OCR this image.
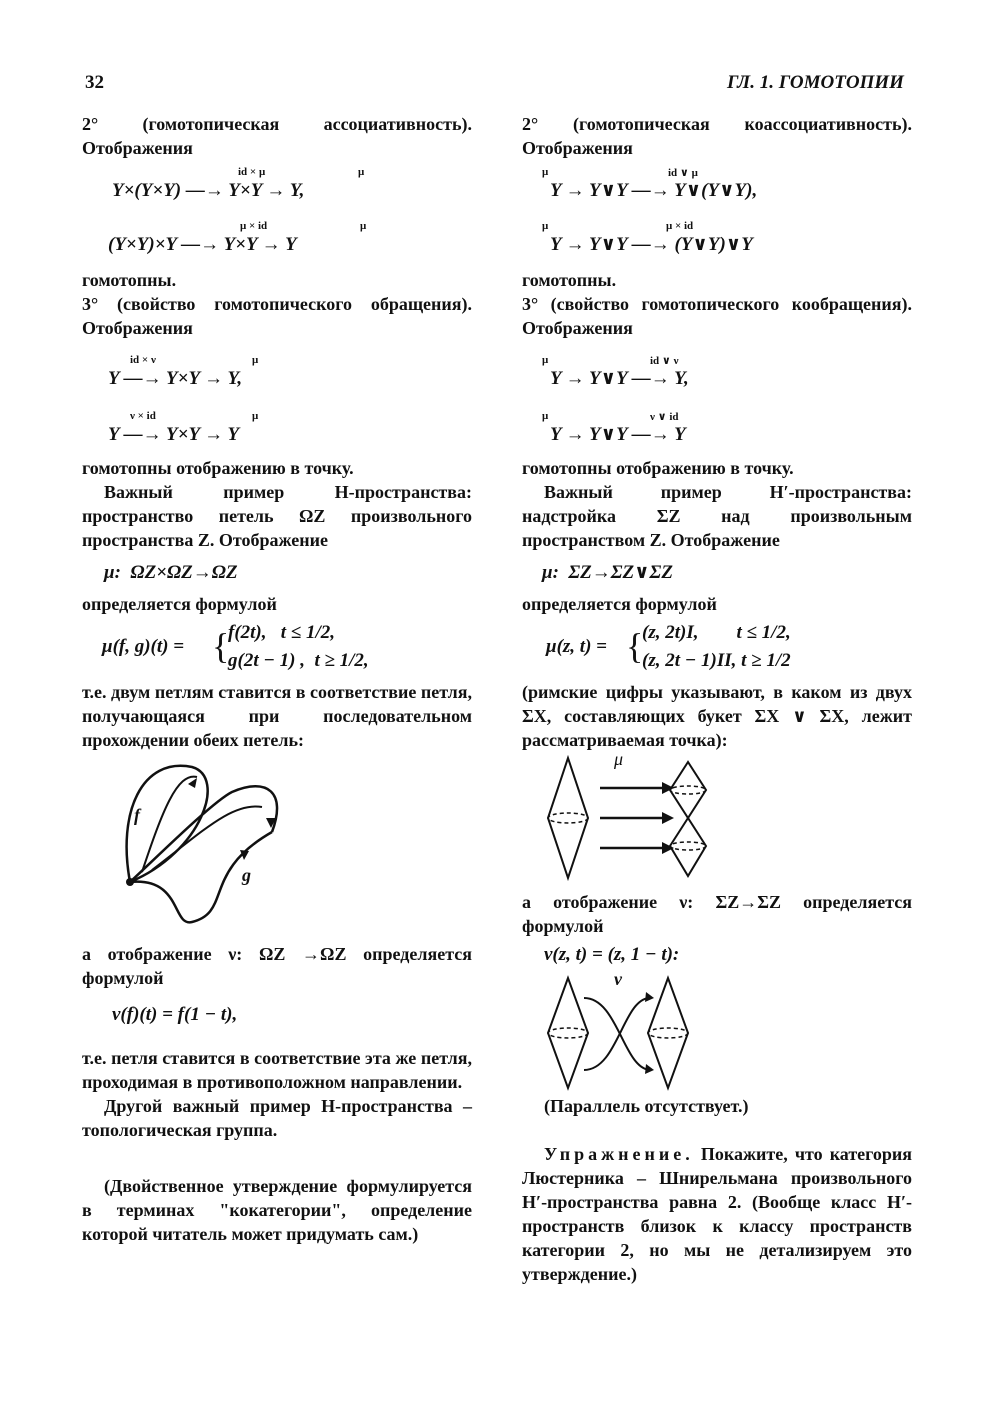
32	ГЛ. 1. ГОМОТОПИИ

2° (гомотопическая ассоциативность). Отображения

id × μ	μ
Y×(Y×Y) —→ Y×Y → Y,
μ × id	μ
(Y×Y)×Y —→ Y×Y → Y

гомотопны.

3° (свойство гомотопического обращения). Отображения

id × ν	μ
Y —→ Y×Y → Y,
ν × id	μ
Y —→ Y×Y → Y

гомотопны отображению в точку.

Важный пример H-пространства: пространство петель ΩZ произвольного пространства Z. Отображение

μ:  ΩZ×ΩZ→ΩZ

определяется формулой

μ(f, g)(t) = {
f(2t),   t ≤ 1/2,
g(2t − 1) ,  t ≥ 1/2,

т.е. двум петлям ставится в соответствие петля, получающаяся при последовательном прохождении обеих петель:

f
g

а отображение ν: ΩZ →ΩZ определяется формулой

ν(f)(t) = f(1 − t),

т.е. петля ставится в соответствие эта же петля, проходимая в противоположном направлении.

Другой важный пример H-пространства – топологическая группа.

(Двойственное утверждение формулируется в терминах "кокатегории", определение которой читатель может придумать сам.)

2° (гомотопическая коассоциативность). Отображения

μ	id ∨ μ
Y → Y∨Y —→ Y∨(Y∨Y),
μ	μ × id
Y → Y∨Y —→ (Y∨Y)∨Y

гомотопны.

3° (свойство гомотопического кообращения). Отображения

μ	id ∨ ν
Y → Y∨Y —→ Y,
μ	ν ∨ id
Y → Y∨Y —→ Y

гомотопны отображению в точку.

Важный пример H′-пространства: надстройка ΣZ над произвольным пространством Z. Отображение

μ:  ΣZ→ΣZ∨ΣZ

определяется формулой

μ(z, t) = {
(z, 2t)I,        t ≤ 1/2,
(z, 2t − 1)II, t ≥ 1/2

(римские цифры указывают, в каком из двух ΣX, составляющих букет ΣX ∨ ΣX, лежит рассматриваемая точка):

μ

а отображение ν: ΣZ→ΣZ определяется формулой

ν(z, t) = (z, 1 − t):
ν

(Параллель отсутствует.)

Упражнение. Покажите, что категория Люстерника – Шнирельмана произвольного H′-пространства равна 2. (Вообще класс H′-пространств близок к классу пространств категории 2, но мы не детализируем это утверждение.)
